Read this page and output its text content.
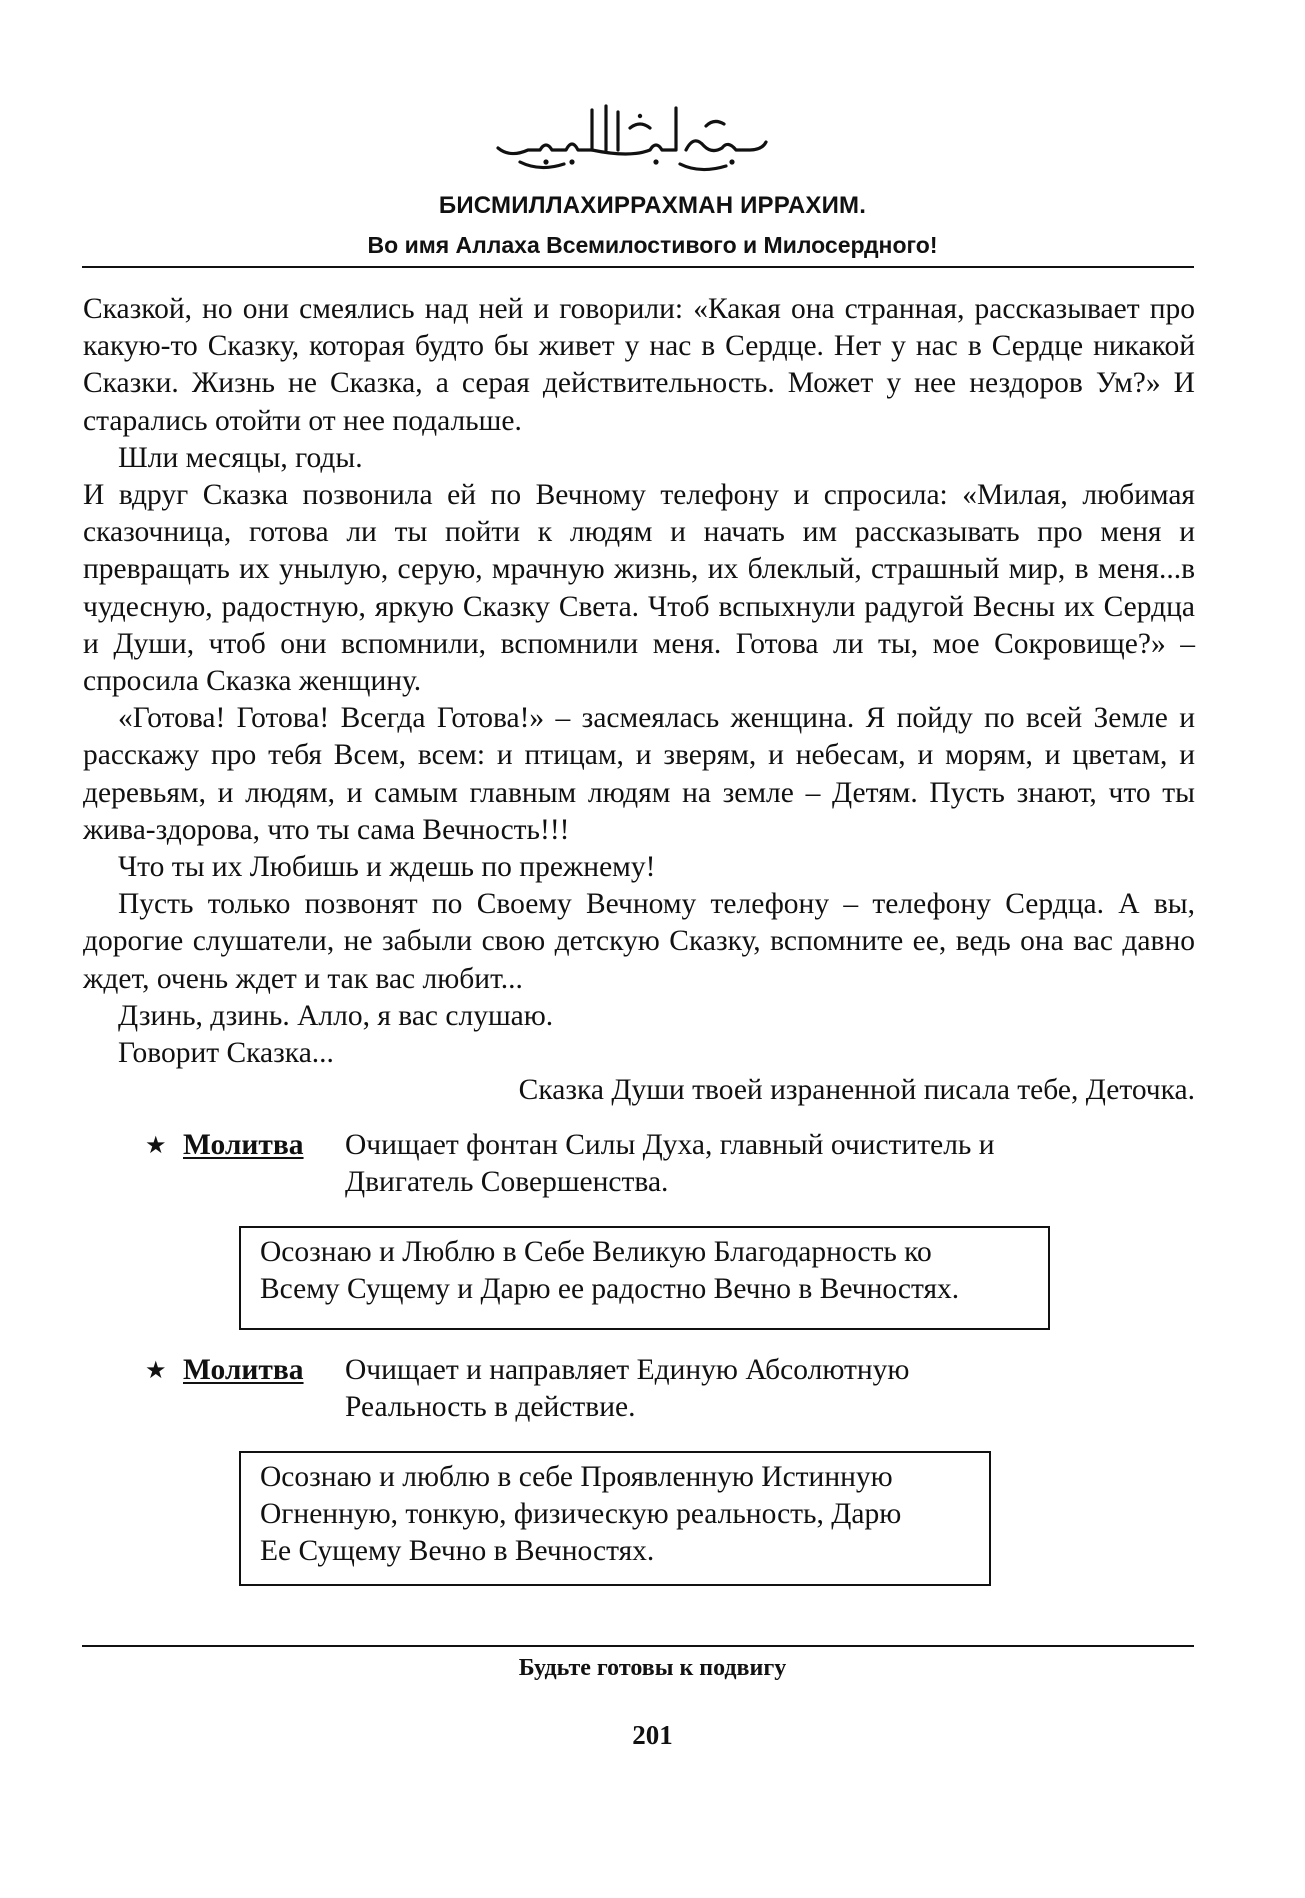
БИСМИЛЛАХИРРАХМАН ИРРАХИМ.
Во имя Аллаха Всемилостивого и Милосердного!

Сказкой, но они смеялись над ней и говорили: «Какая она странная, рассказывает про какую-то Сказку, которая будто бы живет у нас в Сердце. Нет у нас в Сердце никакой Сказки. Жизнь не Сказка, а серая действительность. Может у нее нездоров Ум?» И старались отойти от нее подальше.

Шли месяцы, годы.

И вдруг Сказка позвонила ей по Вечному телефону и спросила: «Милая, любимая сказочница, готова ли ты пойти к людям и начать им рассказывать про меня и превращать их унылую, серую, мрачную жизнь, их блеклый, страшный мир, в меня...в чудесную, радостную, яркую Сказку Света. Чтоб вспыхнули радугой Весны их Сердца и Души, чтоб они вспомнили, вспомнили меня. Готова ли ты, мое Сокровище?» – спросила Сказка женщину.

«Готова! Готова! Всегда Готова!» – засмеялась женщина. Я пойду по всей Земле и расскажу про тебя Всем, всем: и птицам, и зверям, и небесам, и морям, и цветам, и деревьям, и людям, и самым главным людям на земле – Детям. Пусть знают, что ты жива-здорова, что ты сама Вечность!!!

Что ты их Любишь и ждешь по прежнему!

Пусть только позвонят по Своему Вечному телефону – телефону Сердца. А вы, дорогие слушатели, не забыли свою детскую Сказку, вспомните ее, ведь она вас давно ждет, очень ждет и так вас любит...

Дзинь, дзинь. Алло, я вас слушаю.

Говорит Сказка...

Сказка Души твоей израненной писала тебе, Деточка.

★ Молитва Очищает фонтан Силы Духа, главный очиститель и
Двигатель Совершенства.
Осознаю и Люблю в Себе Великую Благодарность ко
Всему Сущему и Дарю ее радостно Вечно в Вечностях.
★ Молитва Очищает и направляет Единую Абсолютную
Реальность в действие.
Осознаю и люблю в себе Проявленную Истинную
Огненную, тонкую, физическую реальность, Дарю
Ее Сущему Вечно в Вечностях.
Будьте готовы к подвигу
201
